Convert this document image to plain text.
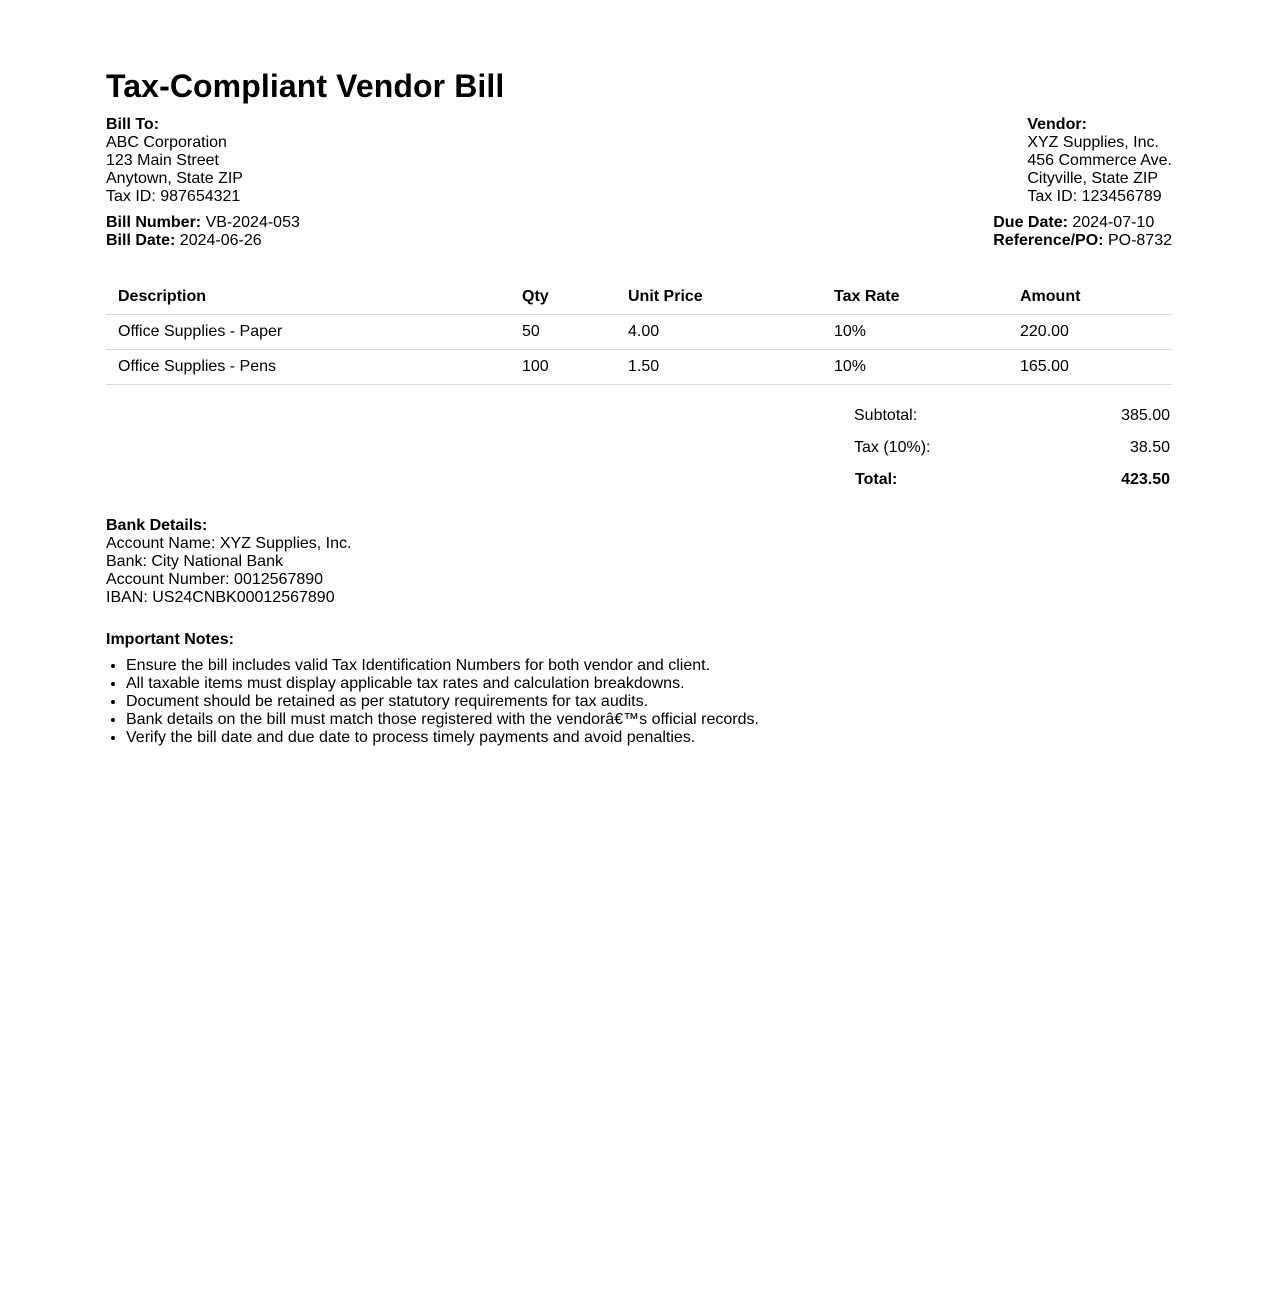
Tax-Compliant Vendor Bill
Bill To:
ABC Corporation
123 Main Street
Anytown, State ZIP
Tax ID: 987654321
Vendor:
XYZ Supplies, Inc.
456 Commerce Ave.
Cityville, State ZIP
Tax ID: 123456789
Bill Number: VB-2024-053
Bill Date: 2024-06-26
Due Date: 2024-07-10
Reference/PO: PO-8732
Description	Qty	Unit Price	Tax Rate	Amount
Office Supplies - Paper	50	4.00	10%	220.00
Office Supplies - Pens	100	1.50	10%	165.00
Subtotal:	385.00
Tax (10%):	38.50
Total:	423.50
Bank Details:
Account Name: XYZ Supplies, Inc.
Bank: City National Bank
Account Number: 0012567890
IBAN: US24CNBK00012567890
Important Notes:
• Ensure the bill includes valid Tax Identification Numbers for both vendor and client.
• All taxable items must display applicable tax rates and calculation breakdowns.
• Document should be retained as per statutory requirements for tax audits.
• Bank details on the bill must match those registered with the vendorâ€™s official records.
• Verify the bill date and due date to process timely payments and avoid penalties.
